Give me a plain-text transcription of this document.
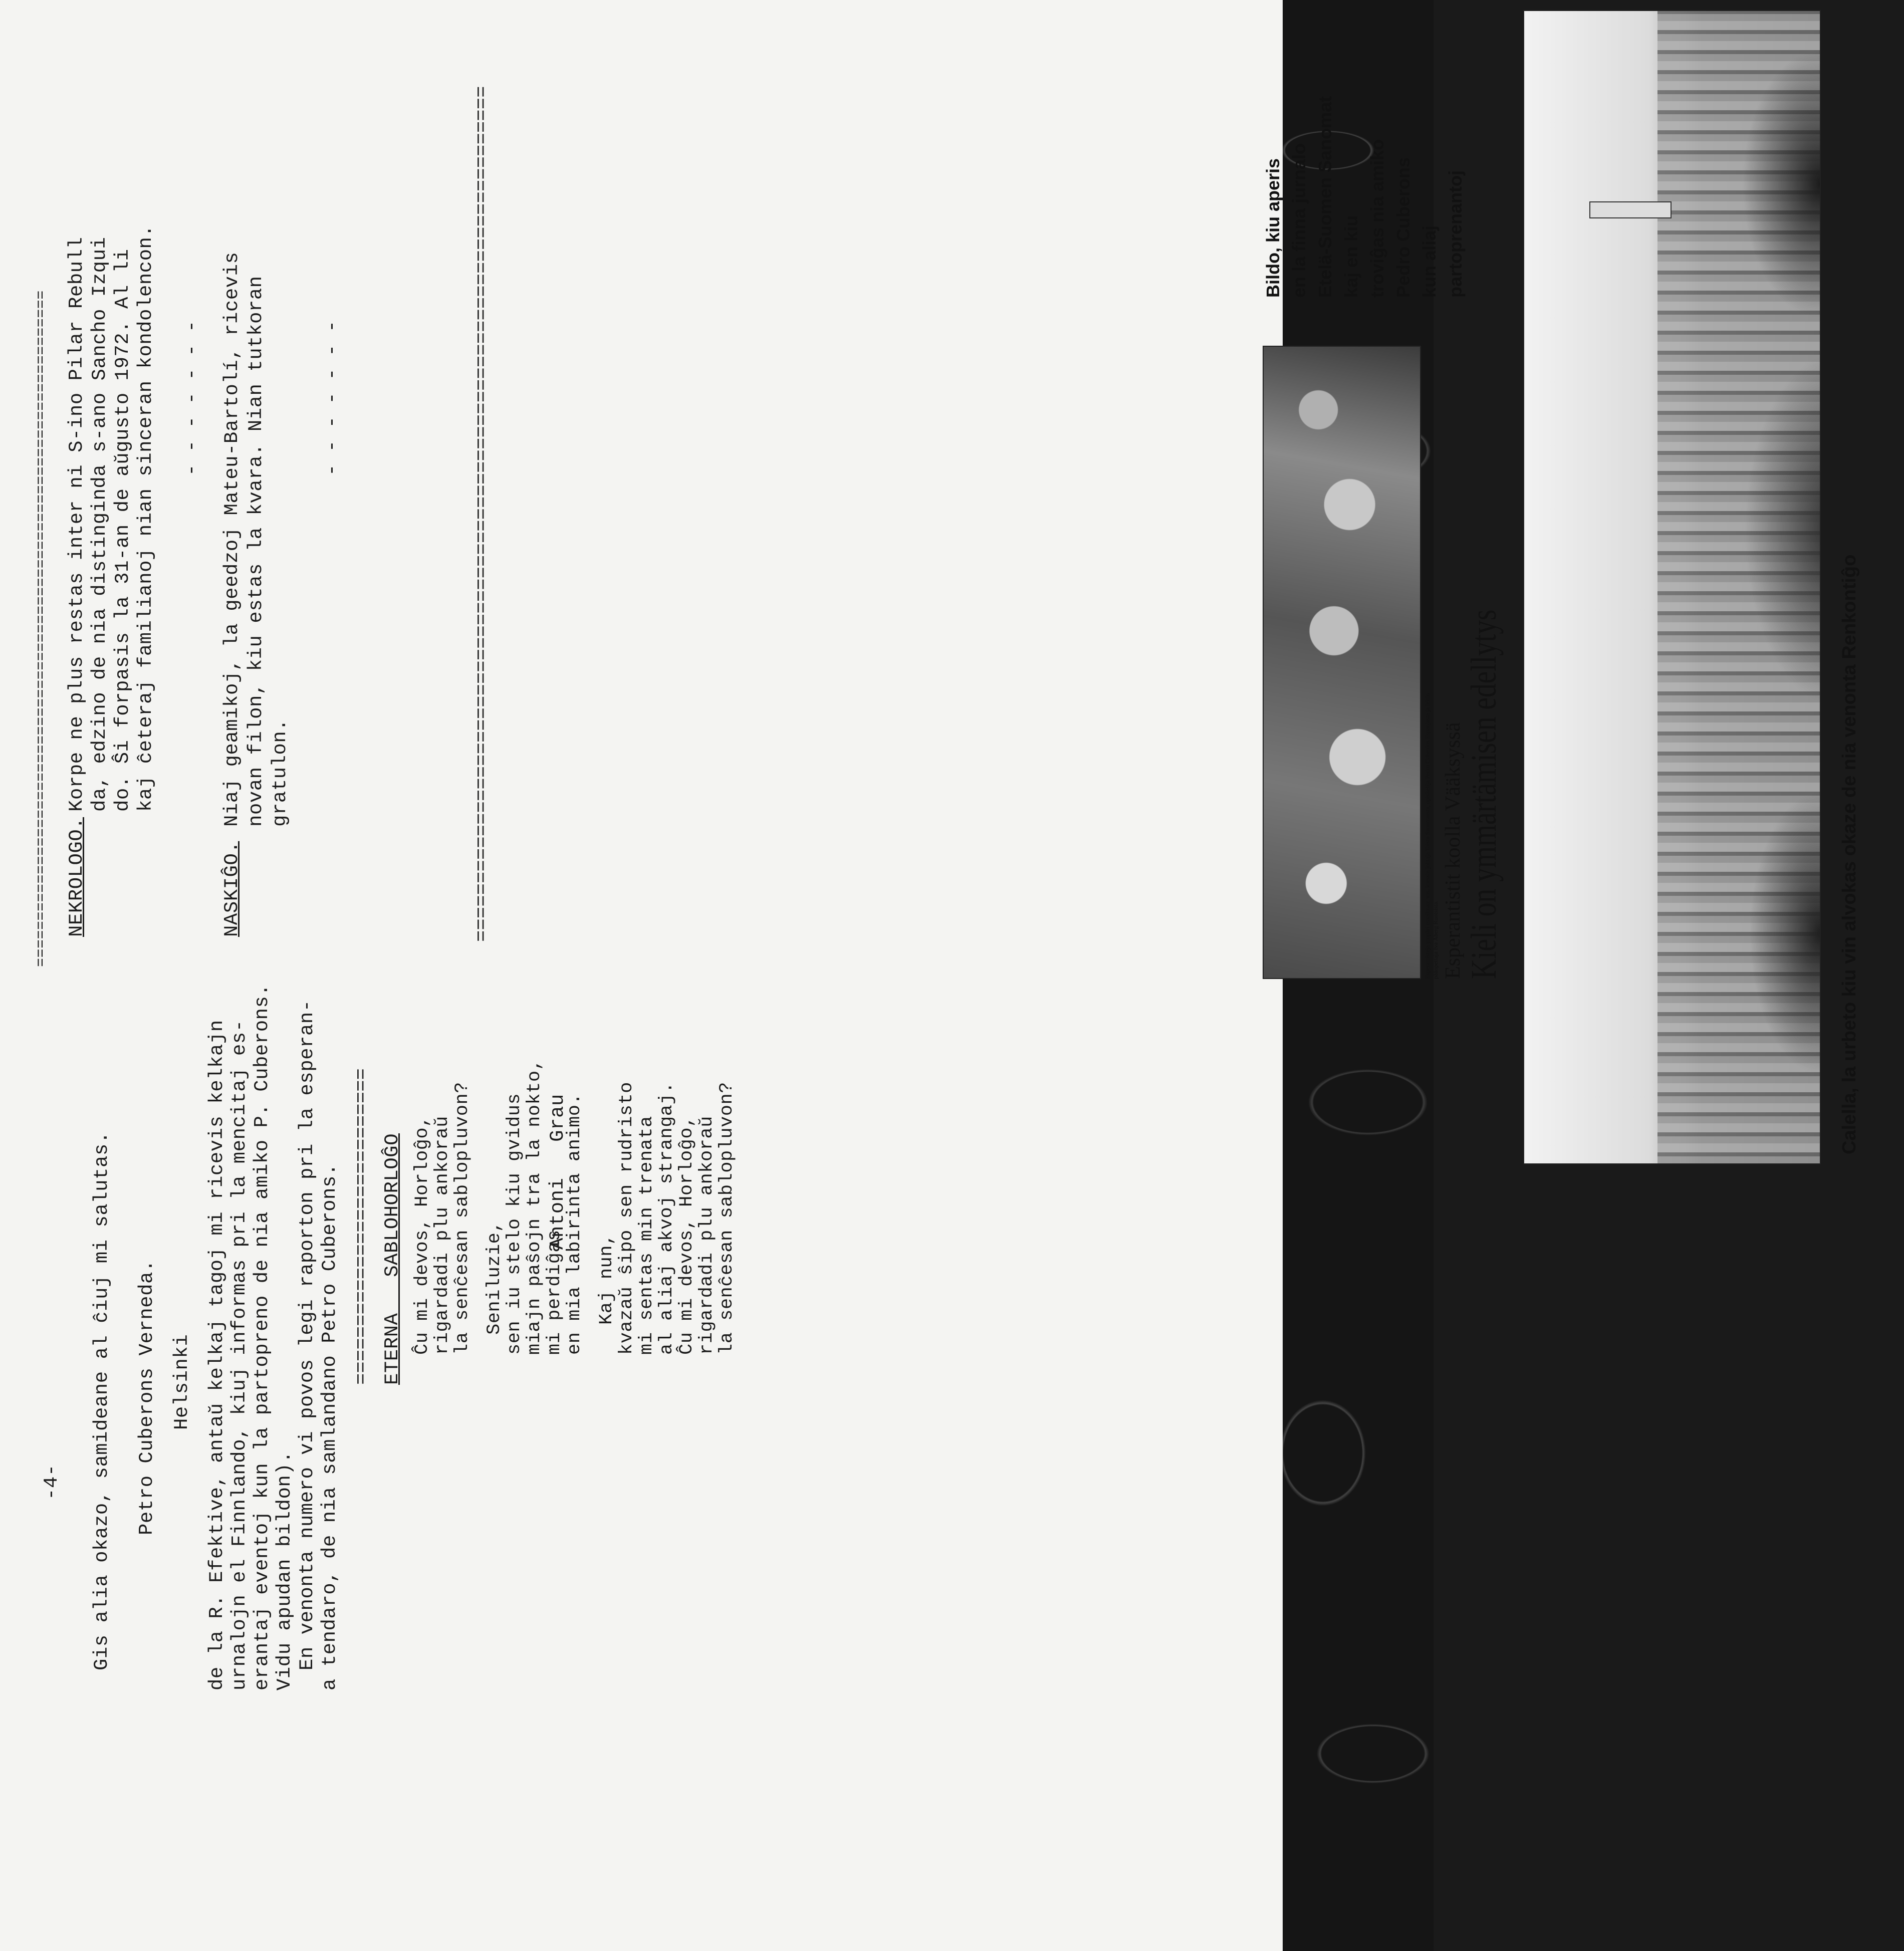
-4- Gis alia okazo, samideane al ĉiuj mi salutas. Petro Cuberons Verneda. Helsinki de la R. Efektive, antaŭ kelkaj tagoj mi ricevis kelkajn urnalojn el Finnlando, kiuj informas pri la mencitaj es- erantaj eventoj kun la partopreno de nia amiko P. Cuberons. Vidu apudan bildon). En venonta numero vi povos legi raporton pri la esperan- a tendaro, de nia samlandano Petro Cuberons. =========================== ETERNA   SABLOHORLOĜO Ĉu mi devos, Horloĝo,
rigardadi plu ankoraŭ
la senĉesan sablopluvon? Seniluzie,
sen iu stelo kiu gvidus
miajn paŝojn tra la nokto,
mi perdiĝas
en mia labirinta animo. Kaj nun,
kvazaŭ ŝipo sen rudristo
mi sentas min trenata
al aliaj akvoj strangaj.
Ĉu mi devos, Horloĝo,
rigardadi plu ankoraŭ
la senĉesan sablopluvon?
Antoni   Grau
Esperantisteja ympäri maailmaa: vas. kurssin johtaja Taisto Suonttausta, opiskelija Pedro Cuberóns Espanjasta ja leirin pääopettaja Iva Åberg Ruotsista. Esperantistit koolla Vääksyssä
Kieli on ymmärtämisen edellytys
Bildo, kiu aperis en la finna jurnalo Etelä-Suomen Sanomat kaj en kiu troviĝas nia amiko Pedro Cuberons kun aliaj partoprenantoj
Calella, la urbeto kiu vin alvokas okaze de nia venonta Renkontiĝo
=========================================================================
========================================================================= NEKROLOGO.
Korpe ne plus restas inter ni S-ino Pilar Rebull da, edzino de nia distinginda s-ano Sancho Izqui do. Ŝi forpasis la 31-an de aŭgusto 1972. Al li kaj ĉeteraj familianoj nian sinceran kondolencon. - - - - - - -
NASKIĜO.
Niaj geamikoj, la geedzoj Mateu-Bartolí, ricevis novan filon, kiu estas la kvara. Nian tutkoran gratulon.
- - - - - - -
